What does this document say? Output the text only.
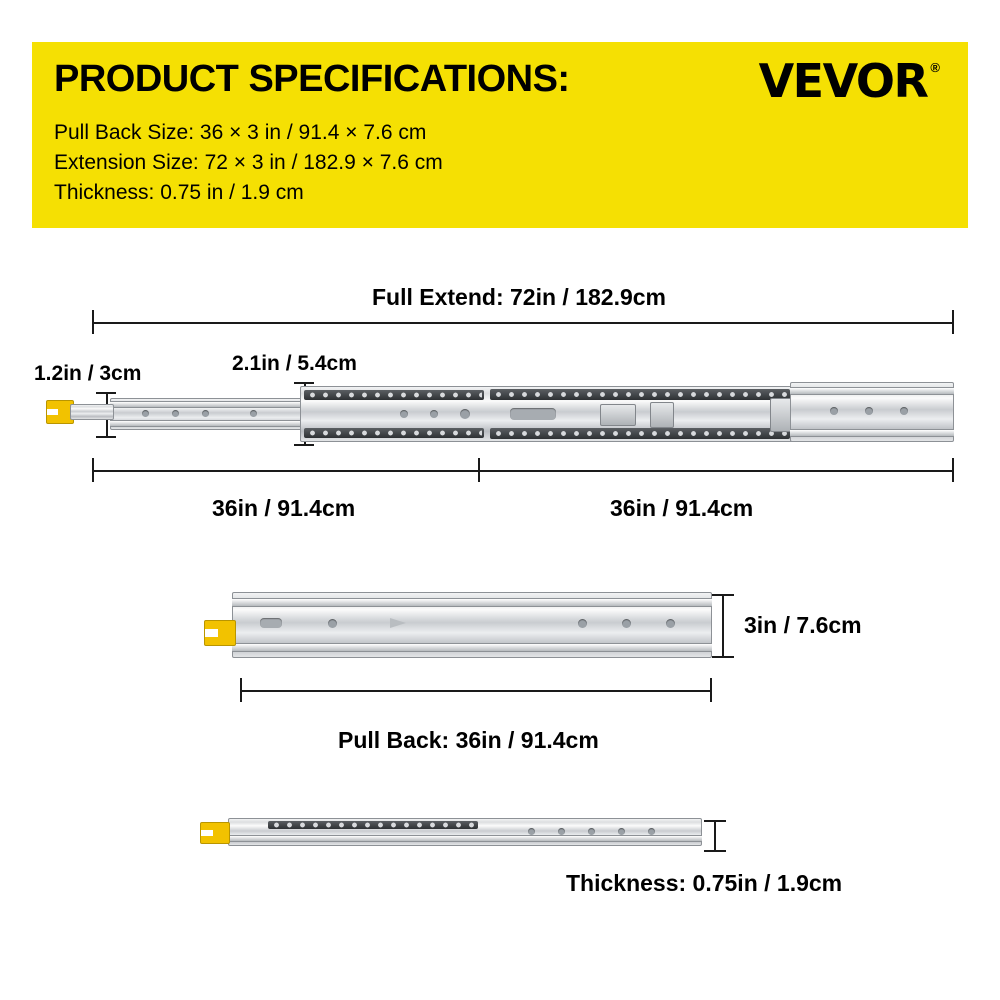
PRODUCT SPECIFICATIONS:	VEVOR ®
Pull Back Size: 36 × 3 in / 91.4 × 7.6 cm
Extension Size: 72 × 3 in / 182.9 × 7.6 cm
Thickness: 0.75 in / 1.9 cm
Full Extend: 72in / 182.9cm
1.2in / 3cm	2.1in / 5.4cm
36in / 91.4cm	36in / 91.4cm
3in / 7.6cm
Pull Back: 36in / 91.4cm
Thickness: 0.75in / 1.9cm
